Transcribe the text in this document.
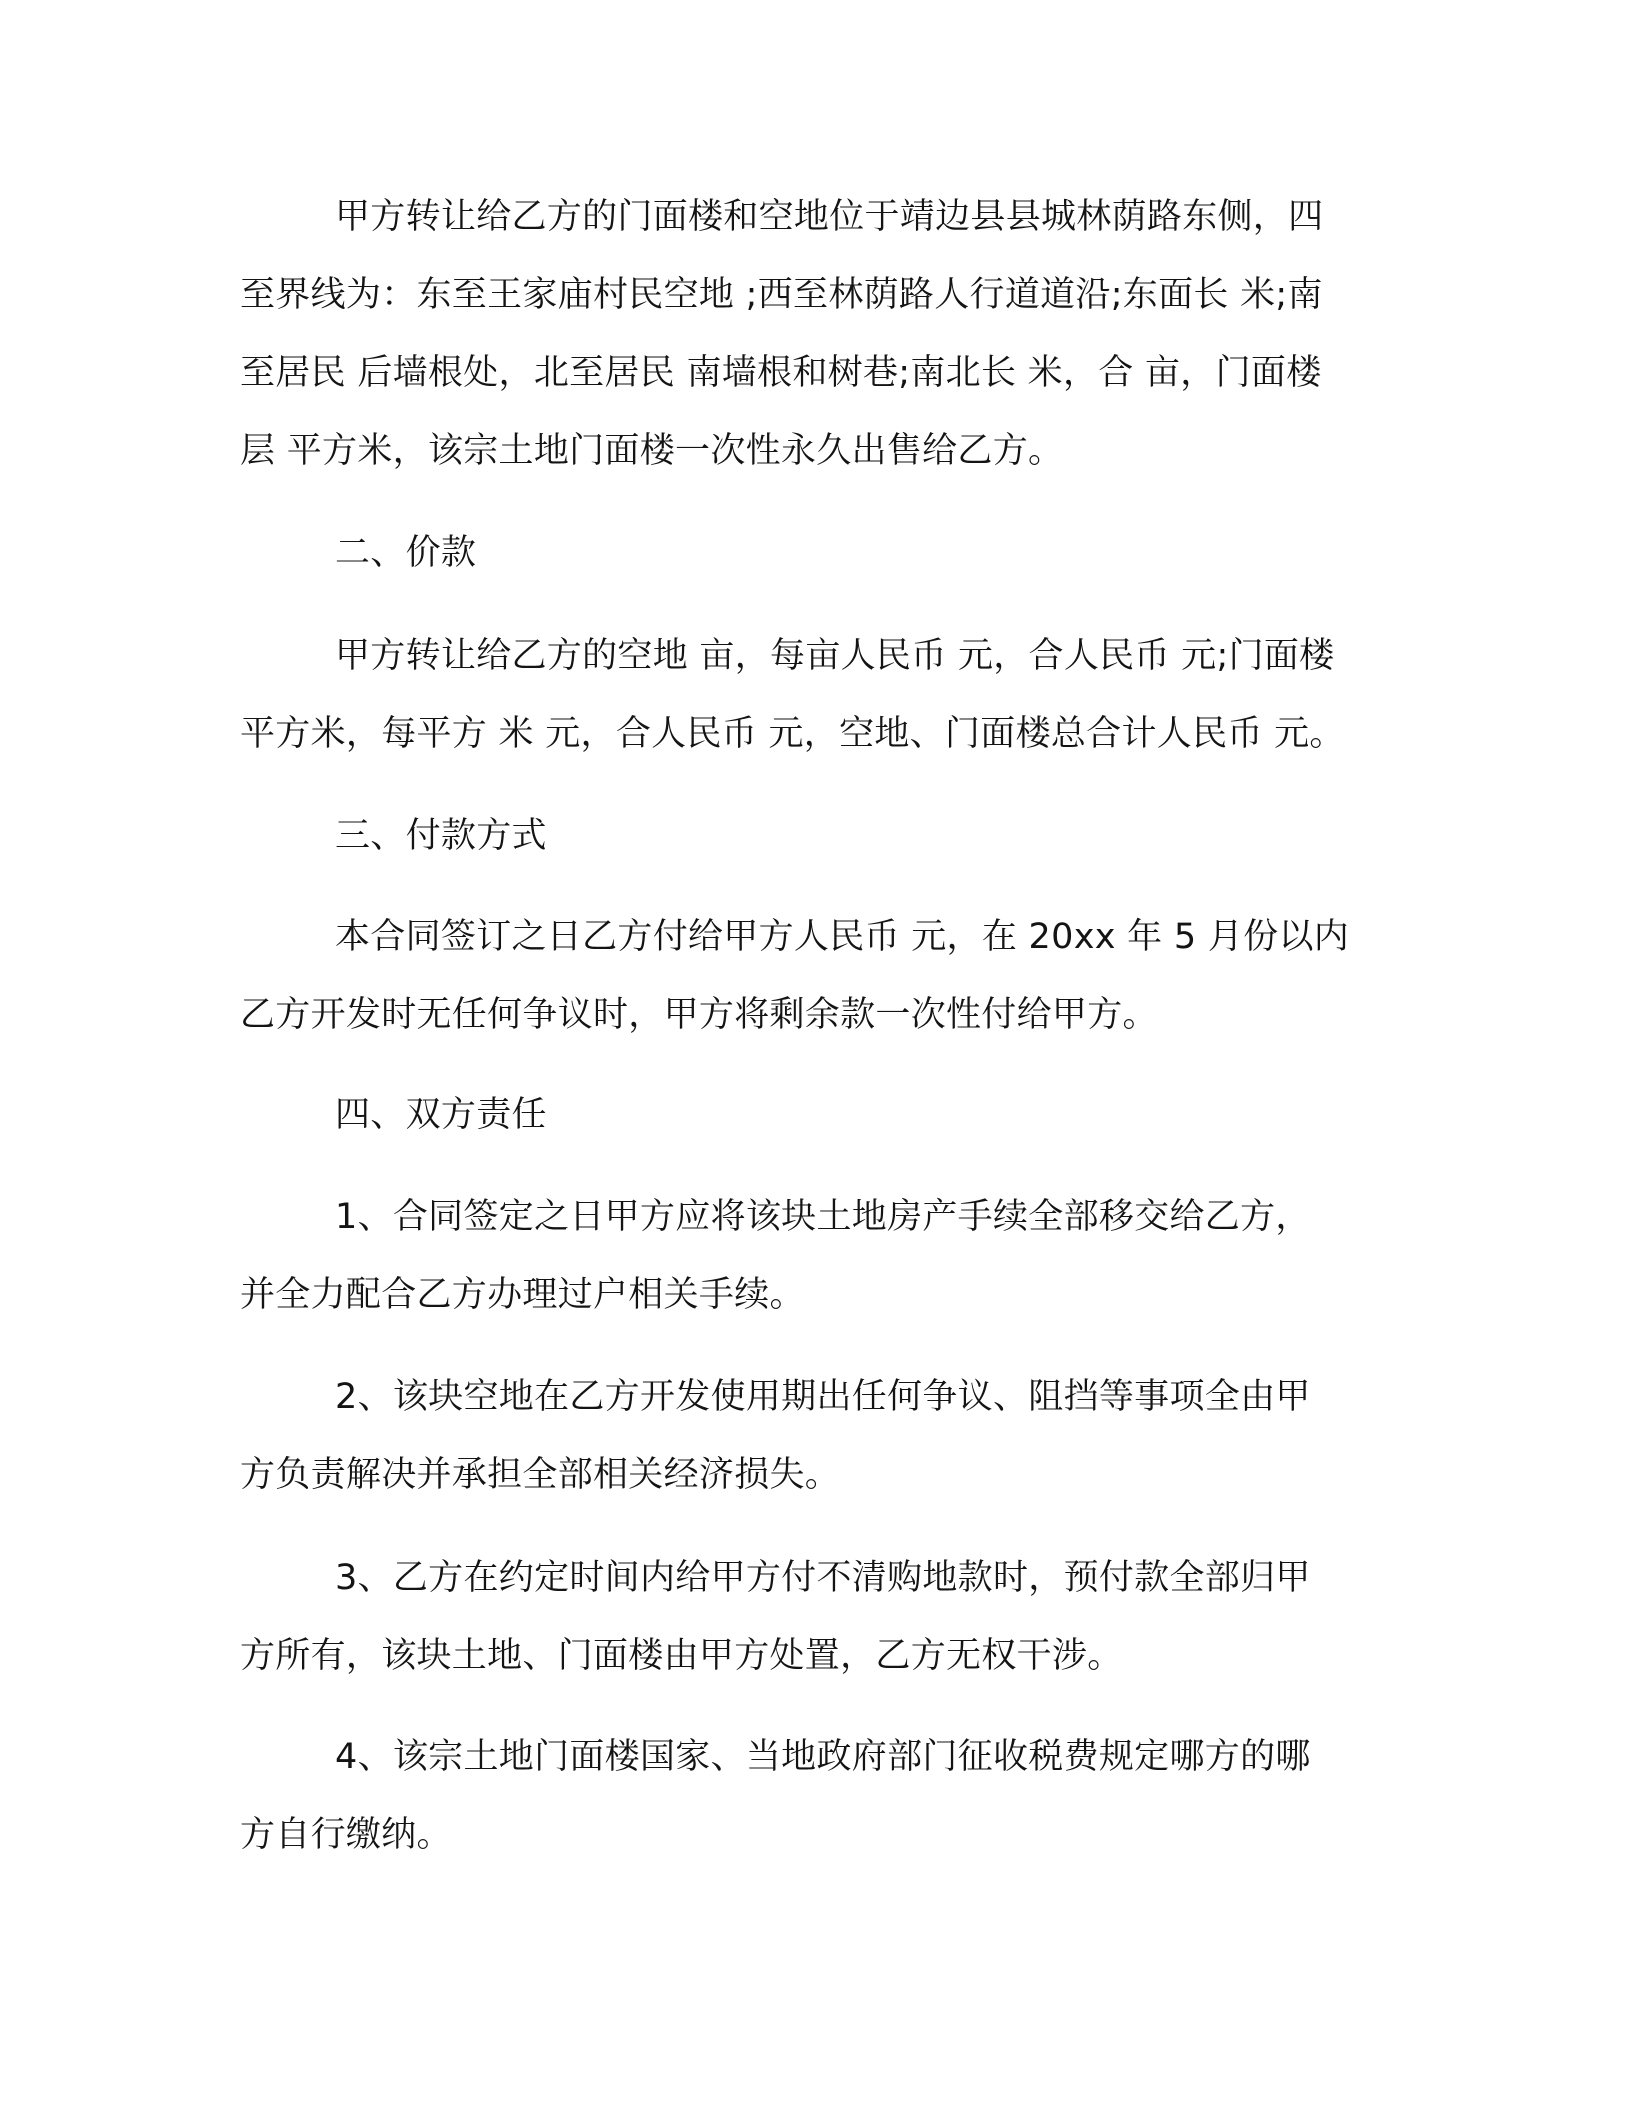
甲方转让给乙方的门面楼和空地位于靖边县县城林荫路东侧，四
至界线为：东至王家庙村民空地 ;西至林荫路人行道道沿;东面长 米;南
至居民 后墙根处，北至居民 南墙根和树巷;南北长 米，合 亩，门面楼
层 平方米，该宗土地门面楼一次性永久出售给乙方。
二、价款
甲方转让给乙方的空地 亩，每亩人民币 元，合人民币 元;门面楼
平方米，每平方 米 元，合人民币 元，空地、门面楼总合计人民币 元。
三、付款方式
本合同签订之日乙方付给甲方人民币 元，在 20xx 年 5 月份以内
乙方开发时无任何争议时，甲方将剩余款一次性付给甲方。
四、双方责任
1、合同签定之日甲方应将该块土地房产手续全部移交给乙方，
并全力配合乙方办理过户相关手续。
2、该块空地在乙方开发使用期出任何争议、阻挡等事项全由甲
方负责解决并承担全部相关经济损失。
3、乙方在约定时间内给甲方付不清购地款时，预付款全部归甲
方所有，该块土地、门面楼由甲方处置，乙方无权干涉。
4、该宗土地门面楼国家、当地政府部门征收税费规定哪方的哪
方自行缴纳。
